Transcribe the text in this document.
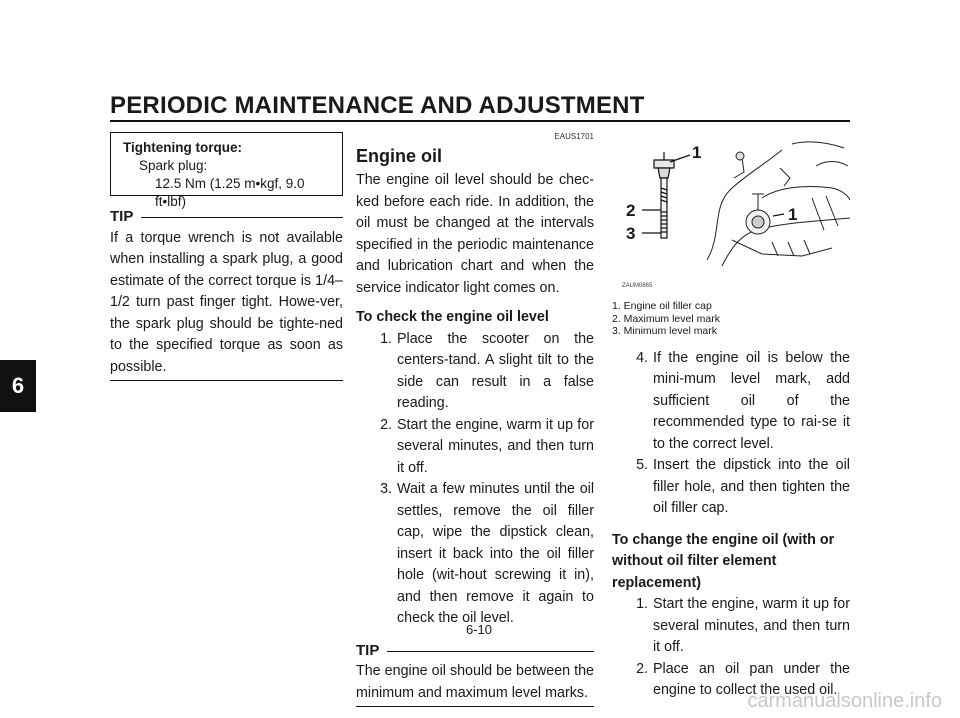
PERIODIC MAINTENANCE AND ADJUSTMENT
6
Tightening torque:
Spark plug:
12.5 Nm (1.25 m•kgf, 9.0 ft•lbf)
TIP
If a torque wrench is not available when installing a spark plug, a good estimate of the correct torque is 1/4–1/2 turn past finger tight. Howe-ver, the spark plug should be tighte-ned to the specified torque as soon as possible.
EAUS1701
Engine oil
The engine oil level should be chec-ked before each ride. In addition, the oil must be changed at the intervals specified in the periodic maintenance and lubrication chart and when the service indicator light comes on.
To check the engine oil level
1. Place the scooter on the centers-tand. A slight tilt to the side can result in a false reading.
2. Start the engine, warm it up for several minutes, and then turn it off.
3. Wait a few minutes until the oil settles, remove the oil filler cap, wipe the dipstick clean, insert it back into the oil filler hole (wit-hout screwing it in), and then remove it again to check the oil level.
TIP
The engine oil should be between the minimum and maximum level marks.
1
2
3
1
ZAUM0665
1. Engine oil filler cap
2. Maximum level mark
3. Minimum level mark
4. If the engine oil is below the mini-mum level mark, add sufficient oil of the recommended type to rai-se it to the correct level.
5. Insert the dipstick into the oil filler hole, and then tighten the oil filler cap.
To change the engine oil (with or without oil filter element replacement)
1. Start the engine, warm it up for several minutes, and then turn it off.
2. Place an oil pan under the engine to collect the used oil.
6-10
carmanualsonline.info
